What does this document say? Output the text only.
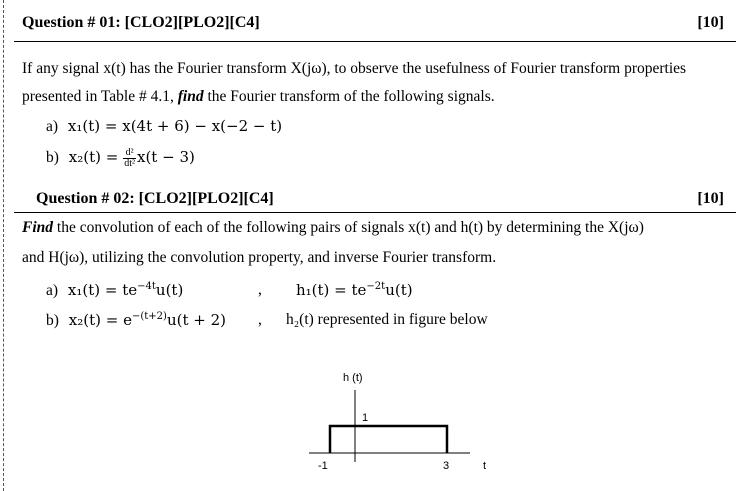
Question # 01: [CLO2][PLO2][C4]	[10]
If any signal x(t) has the Fourier transform X(jω), to observe the usefulness of Fourier transform properties
presented in Table # 4.1, find the Fourier transform of the following signals.
a) x₁(t) = x(4t + 6) − x(−2 − t)
b) $x_2(t) = \frac{\text{d²}}{\text{dt²}} x(t - 3)$
Question # 02: [CLO2][PLO2][C4]	[10]
Find the convolution of each of the following pairs of signals x(t) and h(t) by determining the X(jω)
and H(jω), utilizing the convolution property, and inverse Fourier transform.
a) $x_1(t) = te^{-4t}u(t)$	, $h_1(t) = te^{-2t}u(t)$
b) $x_2(t) = e^{-(t+2)}u(t + 2)$ , h₂(t) represented in figure below
h (t)
1
-1	3	t
